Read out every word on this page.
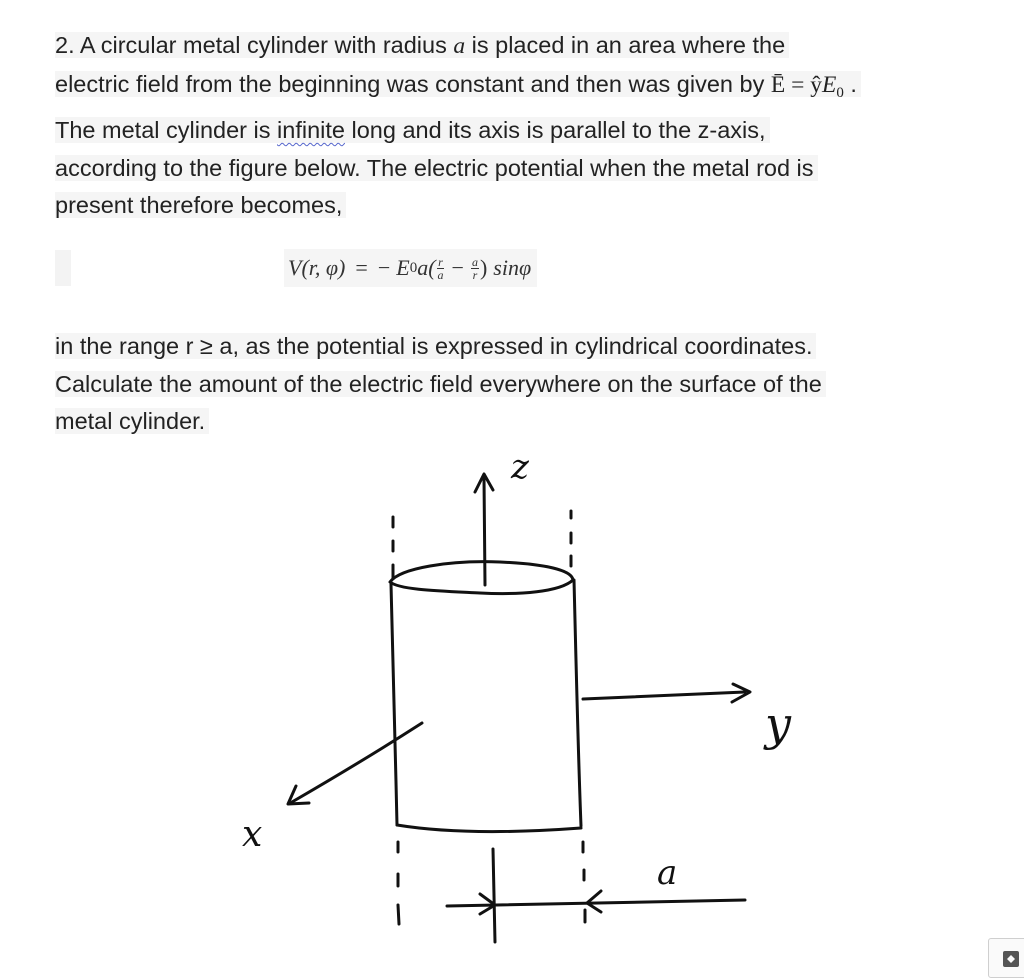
2. A circular metal cylinder with radius a is placed in an area where the
electric field from the beginning was constant and then was given by Ē = $ŷE_0$ .
The metal cylinder is infinite long and its axis is parallel to the z-axis,
according to the figure below. The electric potential when the metal rod is
present therefore becomes,
V(r, φ) = − E 0 $a( \frac{r}{a} - \frac{a}{r}$ ) sinφ
in the range r ≥ a, as the potential is expressed in cylindrical coordinates.
Calculate the amount of the electric field everywhere on the surface of the
metal cylinder.
z
y
x
a
